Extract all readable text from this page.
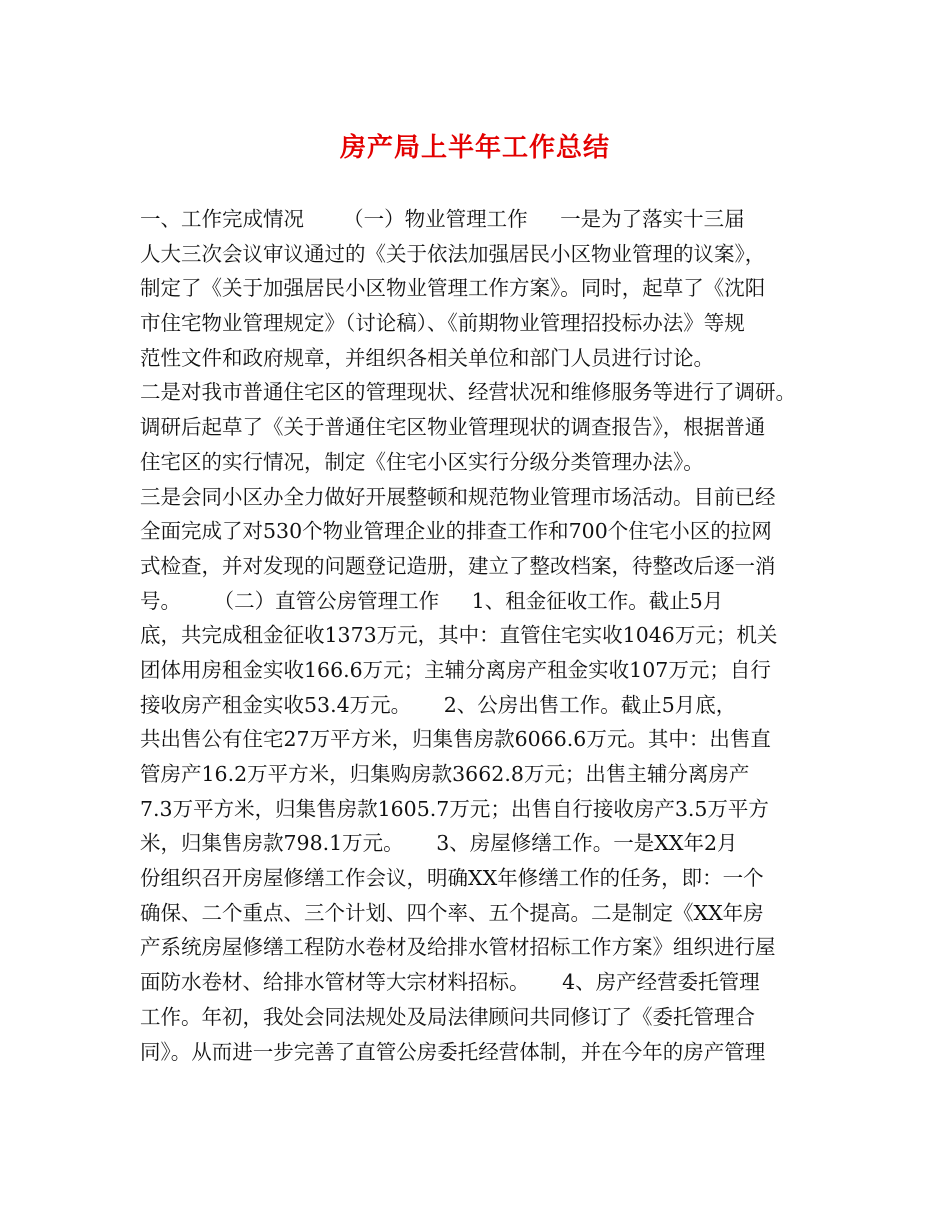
房产局上半年工作总结
一、工作完成情况      （一）物业管理工作     一是为了落实十三届
人大三次会议审议通过的《关于依法加强居民小区物业管理的议案》，
制定了《关于加强居民小区物业管理工作方案》。同时，起草了《沈阳
市住宅物业管理规定》（讨论稿）、《前期物业管理招投标办法》等规
范性文件和政府规章，并组织各相关单位和部门人员进行讨论。
二是对我市普通住宅区的管理现状、经营状况和维修服务等进行了调研。
调研后起草了《关于普通住宅区物业管理现状的调查报告》，根据普通
住宅区的实行情况，制定《住宅小区实行分级分类管理办法》。
三是会同小区办全力做好开展整顿和规范物业管理市场活动。目前已经
全面完成了对530个物业管理企业的排查工作和700个住宅小区的拉网
式检查，并对发现的问题登记造册，建立了整改档案，待整改后逐一消
号。     （二）直管公房管理工作     1、租金征收工作。截止5月
底，共完成租金征收1373万元，其中：直管住宅实收1046万元；机关
团体用房租金实收166.6万元；主辅分离房产租金实收107万元；自行
接收房产租金实收53.4万元。     2、公房出售工作。截止5月底，
共出售公有住宅27万平方米，归集售房款6066.6万元。其中：出售直
管房产16.2万平方米，归集购房款3662.8万元；出售主辅分离房产
7.3万平方米，归集售房款1605.7万元；出售自行接收房产3.5万平方
米，归集售房款798.1万元。     3、房屋修缮工作。一是XX年2月
份组织召开房屋修缮工作会议，明确XX年修缮工作的任务，即：一个
确保、二个重点、三个计划、四个率、五个提高。二是制定《XX年房
产系统房屋修缮工程防水卷材及给排水管材招标工作方案》组织进行屋
面防水卷材、给排水管材等大宗材料招标。     4、房产经营委托管理
工作。年初，我处会同法规处及局法律顾问共同修订了《委托管理合
同》。从而进一步完善了直管公房委托经营体制，并在今年的房产管理
